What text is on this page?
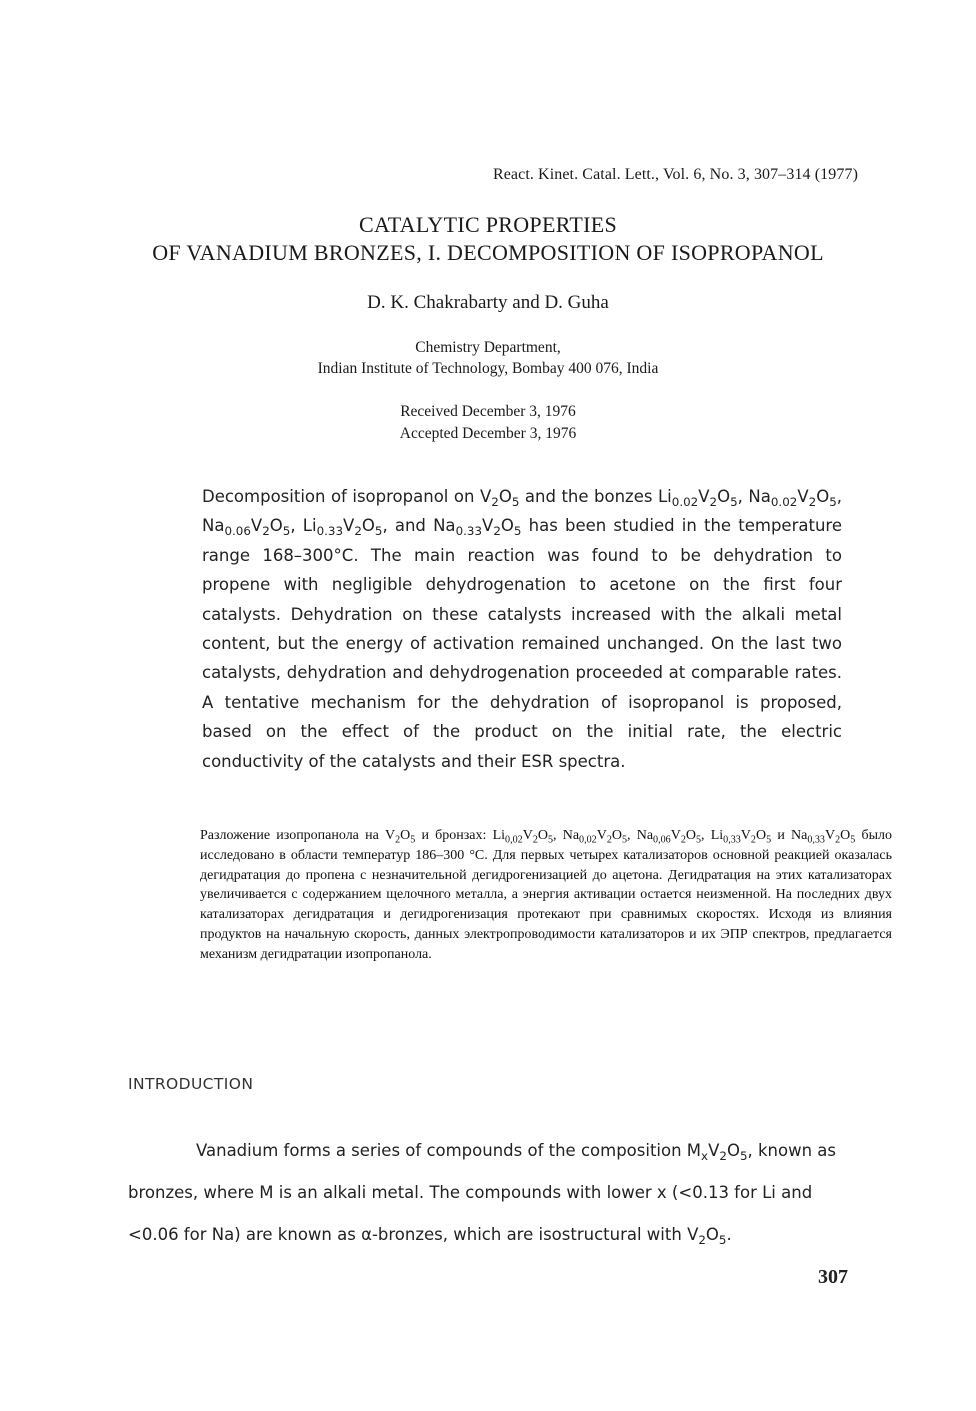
React. Kinet. Catal. Lett., Vol. 6, No. 3, 307–314 (1977)
CATALYTIC PROPERTIES
OF VANADIUM BRONZES, I. DECOMPOSITION OF ISOPROPANOL
D. K. Chakrabarty and D. Guha
Chemistry Department,
Indian Institute of Technology, Bombay 400 076, India
Received December 3, 1976
Accepted December 3, 1976
Decomposition of isopropanol on $V_2O_5$ and the bonzes $Li_{0.02}V_2O_5$, $Na_{0.02}V_2O_5$, $Na_{0.06}V_2O_5$, $Li_{0.33}V_2O_5$, and $Na_{0.33}V_2O_5$ has been studied in the temperature range 168–300°C. The main reaction was found to be dehydration to propene with negligible dehydrogenation to acetone on the first four catalysts. Dehydration on these catalysts increased with the alkali metal content, but the energy of activation remained unchanged. On the last two catalysts, dehydration and dehydrogenation proceeded at comparable rates. A tentative mechanism for the dehydration of isopropanol is proposed, based on the effect of the product on the initial rate, the electric conductivity of the catalysts and their ESR spectra.
Разложение изопропанола на $V_2O_5$ и бронзах: $Li_{0,02}V_2O_5$, $Na_{0,02}V_2O_5$, $Na_{0,06}V_2O_5$, $Li_{0,33}V_2O_5$ и $Na_{0,33}V_2O_5$ было исследовано в области температур 186–300 °C. Для первых четырех катализаторов основной реакцией оказалась дегидратация до пропена с незначительной дегидрогенизацией до ацетона. Дегидратация на этих катализаторах увеличивается с содержанием щелочного металла, а энергия активации остается неизменной. На последних двух катализаторах дегидратация и дегидрогенизация протекают при сравнимых скоростях. Исходя из влияния продуктов на начальную скорость, данных электропроводимости катализаторов и их ЭПР спектров, предлагается механизм дегидратации изопропанола.
INTRODUCTION
Vanadium forms a series of compounds of the composition $M_xV_2O_5$, known as bronzes, where M is an alkali metal. The compounds with lower x (<0.13 for Li and <0.06 for Na) are known as α-bronzes, which are isostructural with $V_2O_5$.
307
